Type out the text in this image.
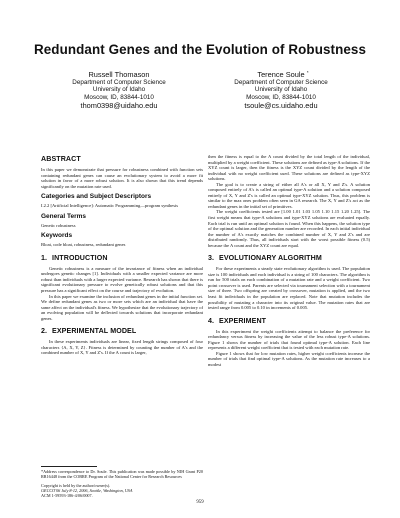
Redundant Genes and the Evolution of Robustness
Russell Thomason
Department of Computer Science
University of Idaho
Moscow, ID, 83844-1010
thom0398@uidaho.edu
Terence Soule *
Department of Computer Science
University of Idaho
Moscow, ID, 83844-1010
tsoule@cs.uidaho.edu
ABSTRACT

In this paper we demonstrate that pressure for robustness combined with function sets containing redundant genes can cause an evolutionary system to avoid a more fit solution in favor of a more robust solution. It is also shown that this trend depends significantly on the mutation rate used.

Categories and Subject Descriptors

I.2.2 [Artificial Intelligence]: Automatic Programming—program synthesis

General Terms

Genetic robustness

Keywords

Bloat, code bloat, robustness, redundant genes

1. INTRODUCTION

Genetic robustness is a measure of the invariance of fitness when an individual undergoes genetic changes [1]. Individuals with a smaller expected variance are more robust than individuals with a larger expected variance. Research has shown that there is significant evolutionary pressure to evolve genetically robust solutions and that this pressure has a significant effect on the course and trajectory of evolution.

In this paper we examine the inclusion of redundant genes in the initial function set. We define redundant genes as two or more sets which are an individual that have the same affect on the individual's fitness. We hypothesize that the evolutionary trajectory of an evolving population will be deflected towards solutions that incorporate redundant genes.

2. EXPERIMENTAL MODEL

In these experiments individuals are linear, fixed length strings composed of four characters {A, X, Y, Z}. Fitness is determined by counting the number of A's and the combined number of X, Y and Z's. If the A count is larger,

*Address correspondence to Dr. Soule. This publication was made possible by NIH Grant P20 RR16448 from the COBRE Program of the National Center for Research Resources

Copyright is held by the author/owner(s).
GECCO'06 July 8-12, 2006, Seattle, Washington, USA
ACM 1-59593-186-4/06/0007.

then the fitness is equal to the A count divided by the total length of the individual, multiplied by a weight coefficient. These solutions are defined as type-A solutions. If the XYZ count is larger, then the fitness is the XYZ count divided by the length of the individual with no weight coefficient used. These solutions are defined as type-XYZ solutions.

The goal is to create a string of either all A's or all X, Y and Z's. A solution composed entirely of A's is called an optimal type-A solution and a solution composed entirely of X, Y and Z's is called an optimal type-XYZ solution. Thus, this problem is similar to the max ones problem often seen in GA research. The X, Y and Z's act as the redundant genes in the initial set of primitives.

The weight coefficients tested are [1.00 1.01 1.03 1.05 1.10 1.15 1.20 1.25]. The first weight means that type-A solutions and type-XYZ solutions are evaluated equally. Each trial is run until an optimal solution is found. When this happens, the solution type of the optimal solution and the generation number are recorded. In each initial individual the number of A's exactly matches the combined number of X, Y and Z's and are distributed randomly. Thus, all individuals start with the worst possible fitness (0.5) because the A count and the XYZ count are equal.

3. EVOLUTIONARY ALGORITHM

For these experiments a steady state evolutionary algorithm is used. The population size is 100 individuals and each individual is a string of 100 characters. The algorithm is run for 500 trials on each combination of a mutation rate and a weight coefficient. Two point crossover is used. Parents are selected via tournament selection with a tournament size of three. Two offspring are created by crossover, mutation is applied, and the two least fit individuals in the population are replaced. Note that mutation includes the possibility of mutating a character into its original value. The mutation rates that are tested range from 0.005 to 0.10 in increments of 0.005.

4. EXPERIMENT

In this experiment the weight coefficients attempt to balance the preference for redundancy versus fitness by increasing the value of the less robust type-A solutions. Figure 1 shows the number of trials that found optimal type-A solution. Each line represents a different weight coefficient that is tested with each mutation rate.

Figure 1 shows that for low mutation rates, higher weight coefficients increase the number of trials that find optimal type-A solutions. As the mutation rate increases to a modest

959
